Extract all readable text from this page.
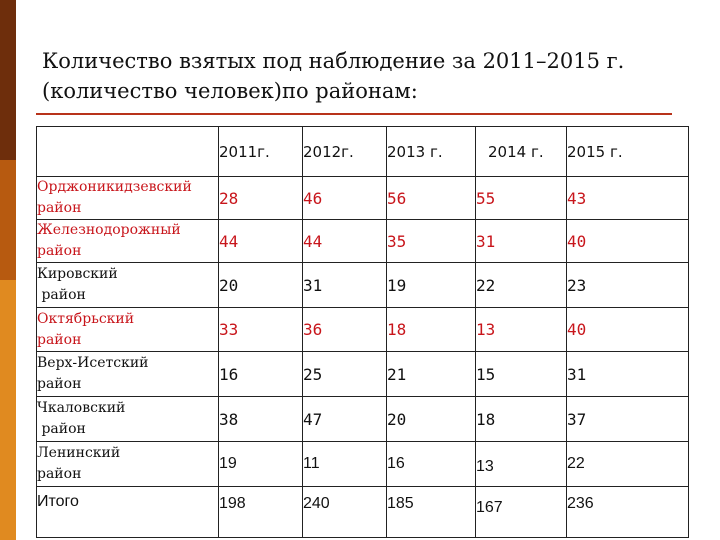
Количество взятых под наблюдение за 2011–2015 г.
(количество человек)по районам:
	2011г.	2012г.	2013 г.	2014 г.	2015 г.

Орджоникидзевский
район	28	46	56	55	43

Железнодорожный
район	44	44	35	31	40

Кировский
район	20	31	19	22	23

Октябрьский
район	33	36	18	13	40

Верх-Исетский
район	16	25	21	15	31

Чкаловский
район	38	47	20	18	37

Ленинский
район	19	11	16	13	22
Итого	198	240	185	167	236
